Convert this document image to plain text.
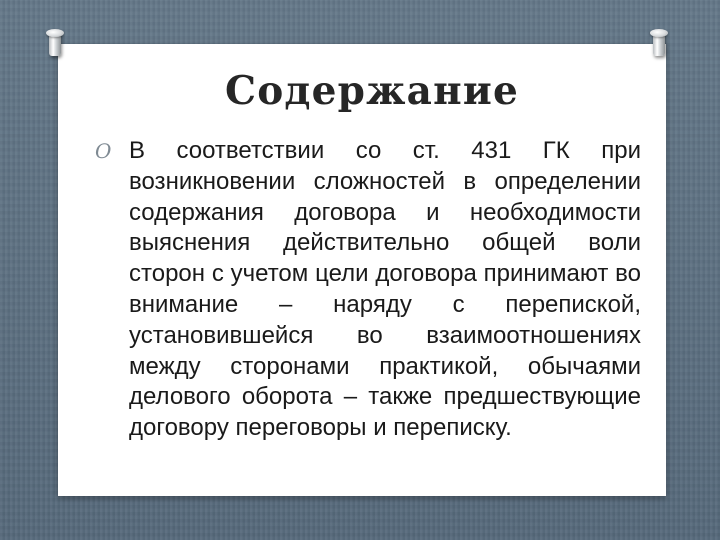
Содержание

O В соответствии со ст. 431 ГК при возникновении сложностей в определении содержания договора и необходимости выяснения действительно общей воли сторон с учетом цели договора принимают во внимание – наряду с перепиской, установившейся во взаимоотношениях между сторонами практикой, обычаями делового оборота – также предшествующие договору переговоры и переписку.
